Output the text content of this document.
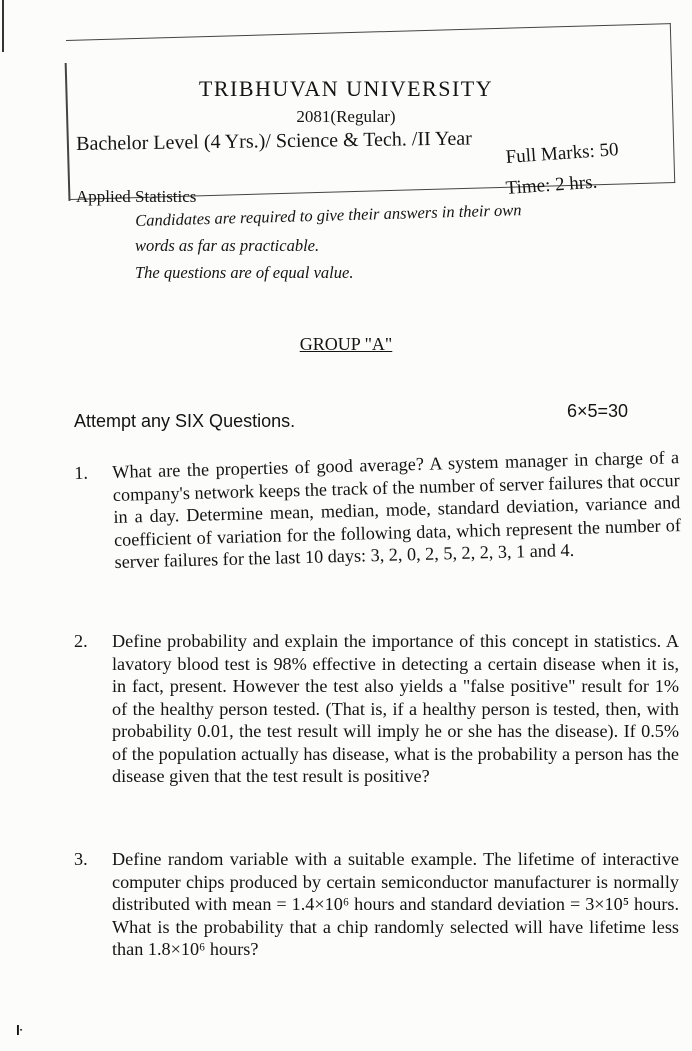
TRIBHUVAN UNIVERSITY
2081(Regular)
Bachelor Level (4 Yrs.)/ Science & Tech. /II Year Full Marks: 50
Applied Statistics	Time: 2 hrs.
Candidates are required to give their answers in their own
words as far as practicable.
The questions are of equal value.
GROUP "A"
Attempt any SIX Questions.	6×5=30
1.	What are the properties of good average? A system manager in charge of a company's network keeps the track of the number of server failures that occur in a day. Determine mean, median, mode, standard deviation, variance and coefficient of variation for the following data, which represent the number of server failures for the last 10 days: 3, 2, 0, 2, 5, 2, 2, 3, 1 and 4.
2.	Define probability and explain the importance of this concept in statistics. A lavatory blood test is 98% effective in detecting a certain disease when it is, in fact, present. However the test also yields a "false positive" result for 1% of the healthy person tested. (That is, if a healthy person is tested, then, with probability 0.01, the test result will imply he or she has the disease). If 0.5% of the population actually has disease, what is the probability a person has the disease given that the test result is positive?
3.	Define random variable with a suitable example. The lifetime of interactive computer chips produced by certain semiconductor manufacturer is normally distributed with mean = 1.4×10⁶ hours and standard deviation = 3×10⁵ hours. What is the probability that a chip randomly selected will have lifetime less than 1.8×10⁶ hours?
ŀ
